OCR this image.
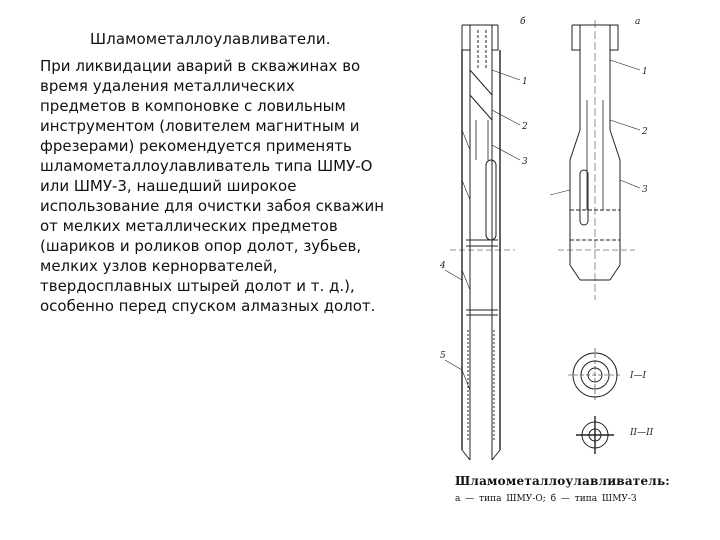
Шламометаллоулавливатели.
При ликвидации аварий в скважинах во
время удаления металлических
предметов в компоновке с ловильным
инструментом (ловителем магнитным и
фрезерами) рекомендуется применять
шламометаллоулавливатель типа ШМУ-О
или ШМУ-3, нашедший широкое
использование для очистки забоя скважин
от мелких металлических предметов
(шариков и роликов опор долот, зубьев,
мелких узлов кернорвателей,
твердосплавных штырей долот и т. д.),
особенно перед спуском алмазных долот.
б	а
1
2
3
4
5
1
2
3
II—II
I—I
Шламометаллоулавливатель:
а — типа ШМУ-О; б — типа ШМУ-З
